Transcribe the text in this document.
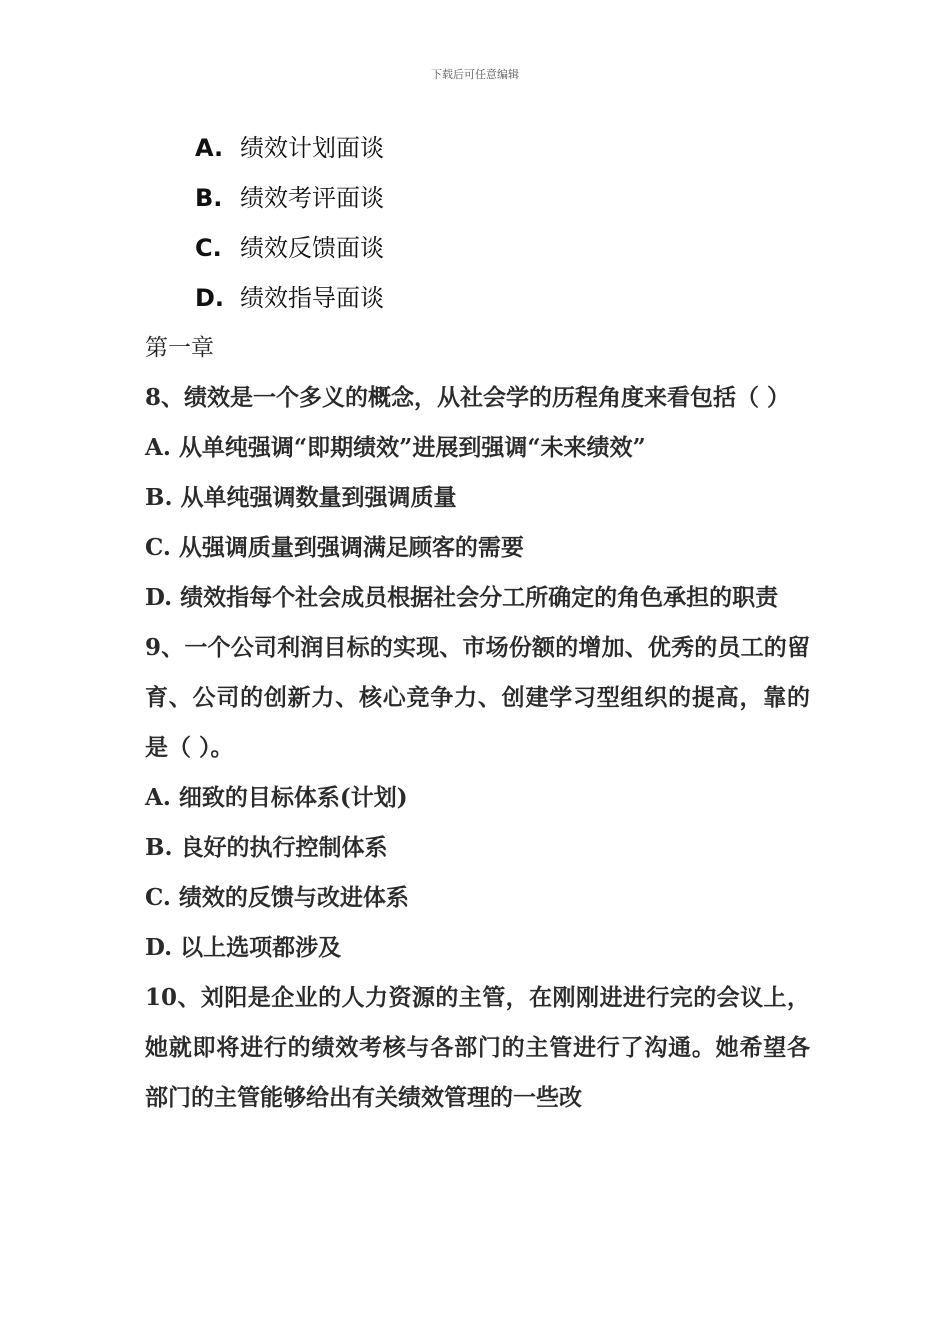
下载后可任意编辑
A. 绩效计划面谈
B. 绩效考评面谈
C. 绩效反馈面谈
D. 绩效指导面谈
第一章
8、绩效是一个多义的概念，从社会学的历程角度来看包括（ ）
A. 从单纯强调“即期绩效”进展到强调“未来绩效”
B. 从单纯强调数量到强调质量
C. 从强调质量到强调满足顾客的需要
D. 绩效指每个社会成员根据社会分工所确定的角色承担的职责
9、一个公司利润目标的实现、市场份额的增加、优秀的员工的留育、公司的创新力、核心竞争力、创建学习型组织的提高，靠的是（ ）。
A. 细致的目标体系(计划)
B. 良好的执行控制体系
C. 绩效的反馈与改进体系
D. 以上选项都涉及
10、刘阳是企业的人力资源的主管，在刚刚进进行完的会议上，她就即将进行的绩效考核与各部门的主管进行了沟通。她希望各部门的主管能够给出有关绩效管理的一些改
